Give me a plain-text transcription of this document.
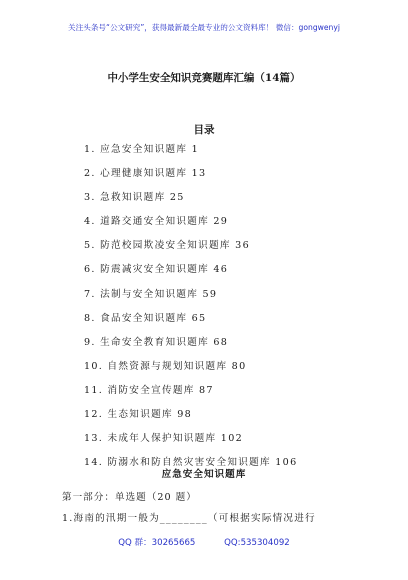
关注头条号“公文研究”，获得最新最全最专业的公文资料库！ 微信：gongwenyj
中小学生安全知识竞赛题库汇编（14篇）
目录
1. 应急安全知识题库 1
2. 心理健康知识题库 13
3. 急救知识题库 25
4. 道路交通安全知识题库 29
5. 防范校园欺凌安全知识题库 36
6. 防震减灾安全知识题库 46
7. 法制与安全知识题库 59
8. 食品安全知识题库 65
9. 生命安全教育知识题库 68
10. 自然资源与规划知识题库 80
11. 消防安全宣传题库 87
12. 生态知识题库 98
13. 未成年人保护知识题库 102
14. 防溺水和防自然灾害安全知识题库 106
应急安全知识题库
第一部分：单选题（20 题）
1.海南的汛期一般为________（可根据实际情况进行
QQ 群：30265665	QQ:535304092
